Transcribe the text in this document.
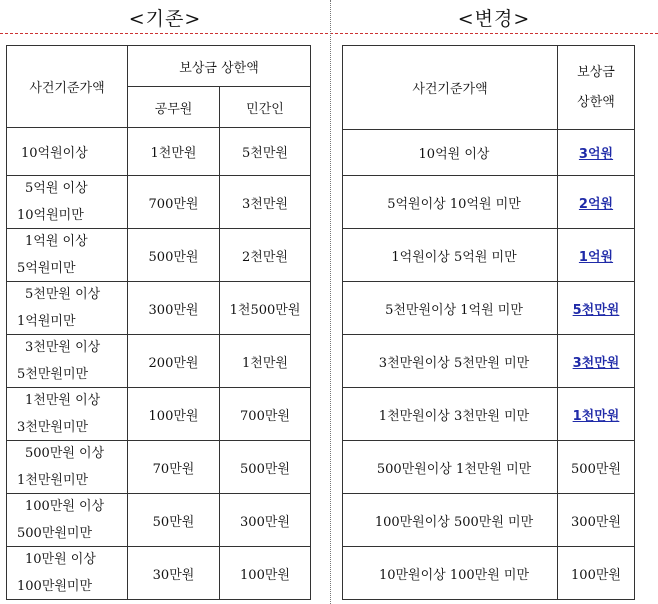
<기존>	<변경>
사건기준가액	보상금 상한액	
	공무원	민간인
10억원이상	1천만원	5천만원

5억원 이상
10억원미만	700만원	3천만원

1억원 이상
5억원미만	500만원	2천만원

5천만원 이상
1억원미만	300만원	1천500만원

3천만원 이상
5천만원미만	200만원	1천만원

1천만원 이상
3천만원미만	100만원	700만원

500만원 이상
1천만원미만	70만원	500만원

100만원 이상
500만원미만	50만원	300만원

10만원 이상
100만원미만	30만원	100만원
사건기준가액	보상금
상한액

10억원 이상	3억원
5억원이상 10억원 미만	2억원
1억원이상 5억원 미만	1억원
5천만원이상 1억원 미만	5천만원
3천만원이상 5천만원 미만	3천만원
1천만원이상 3천만원 미만	1천만원
500만원이상 1천만원 미만	500만원
100만원이상 500만원 미만	300만원
10만원이상 100만원 미만	100만원
